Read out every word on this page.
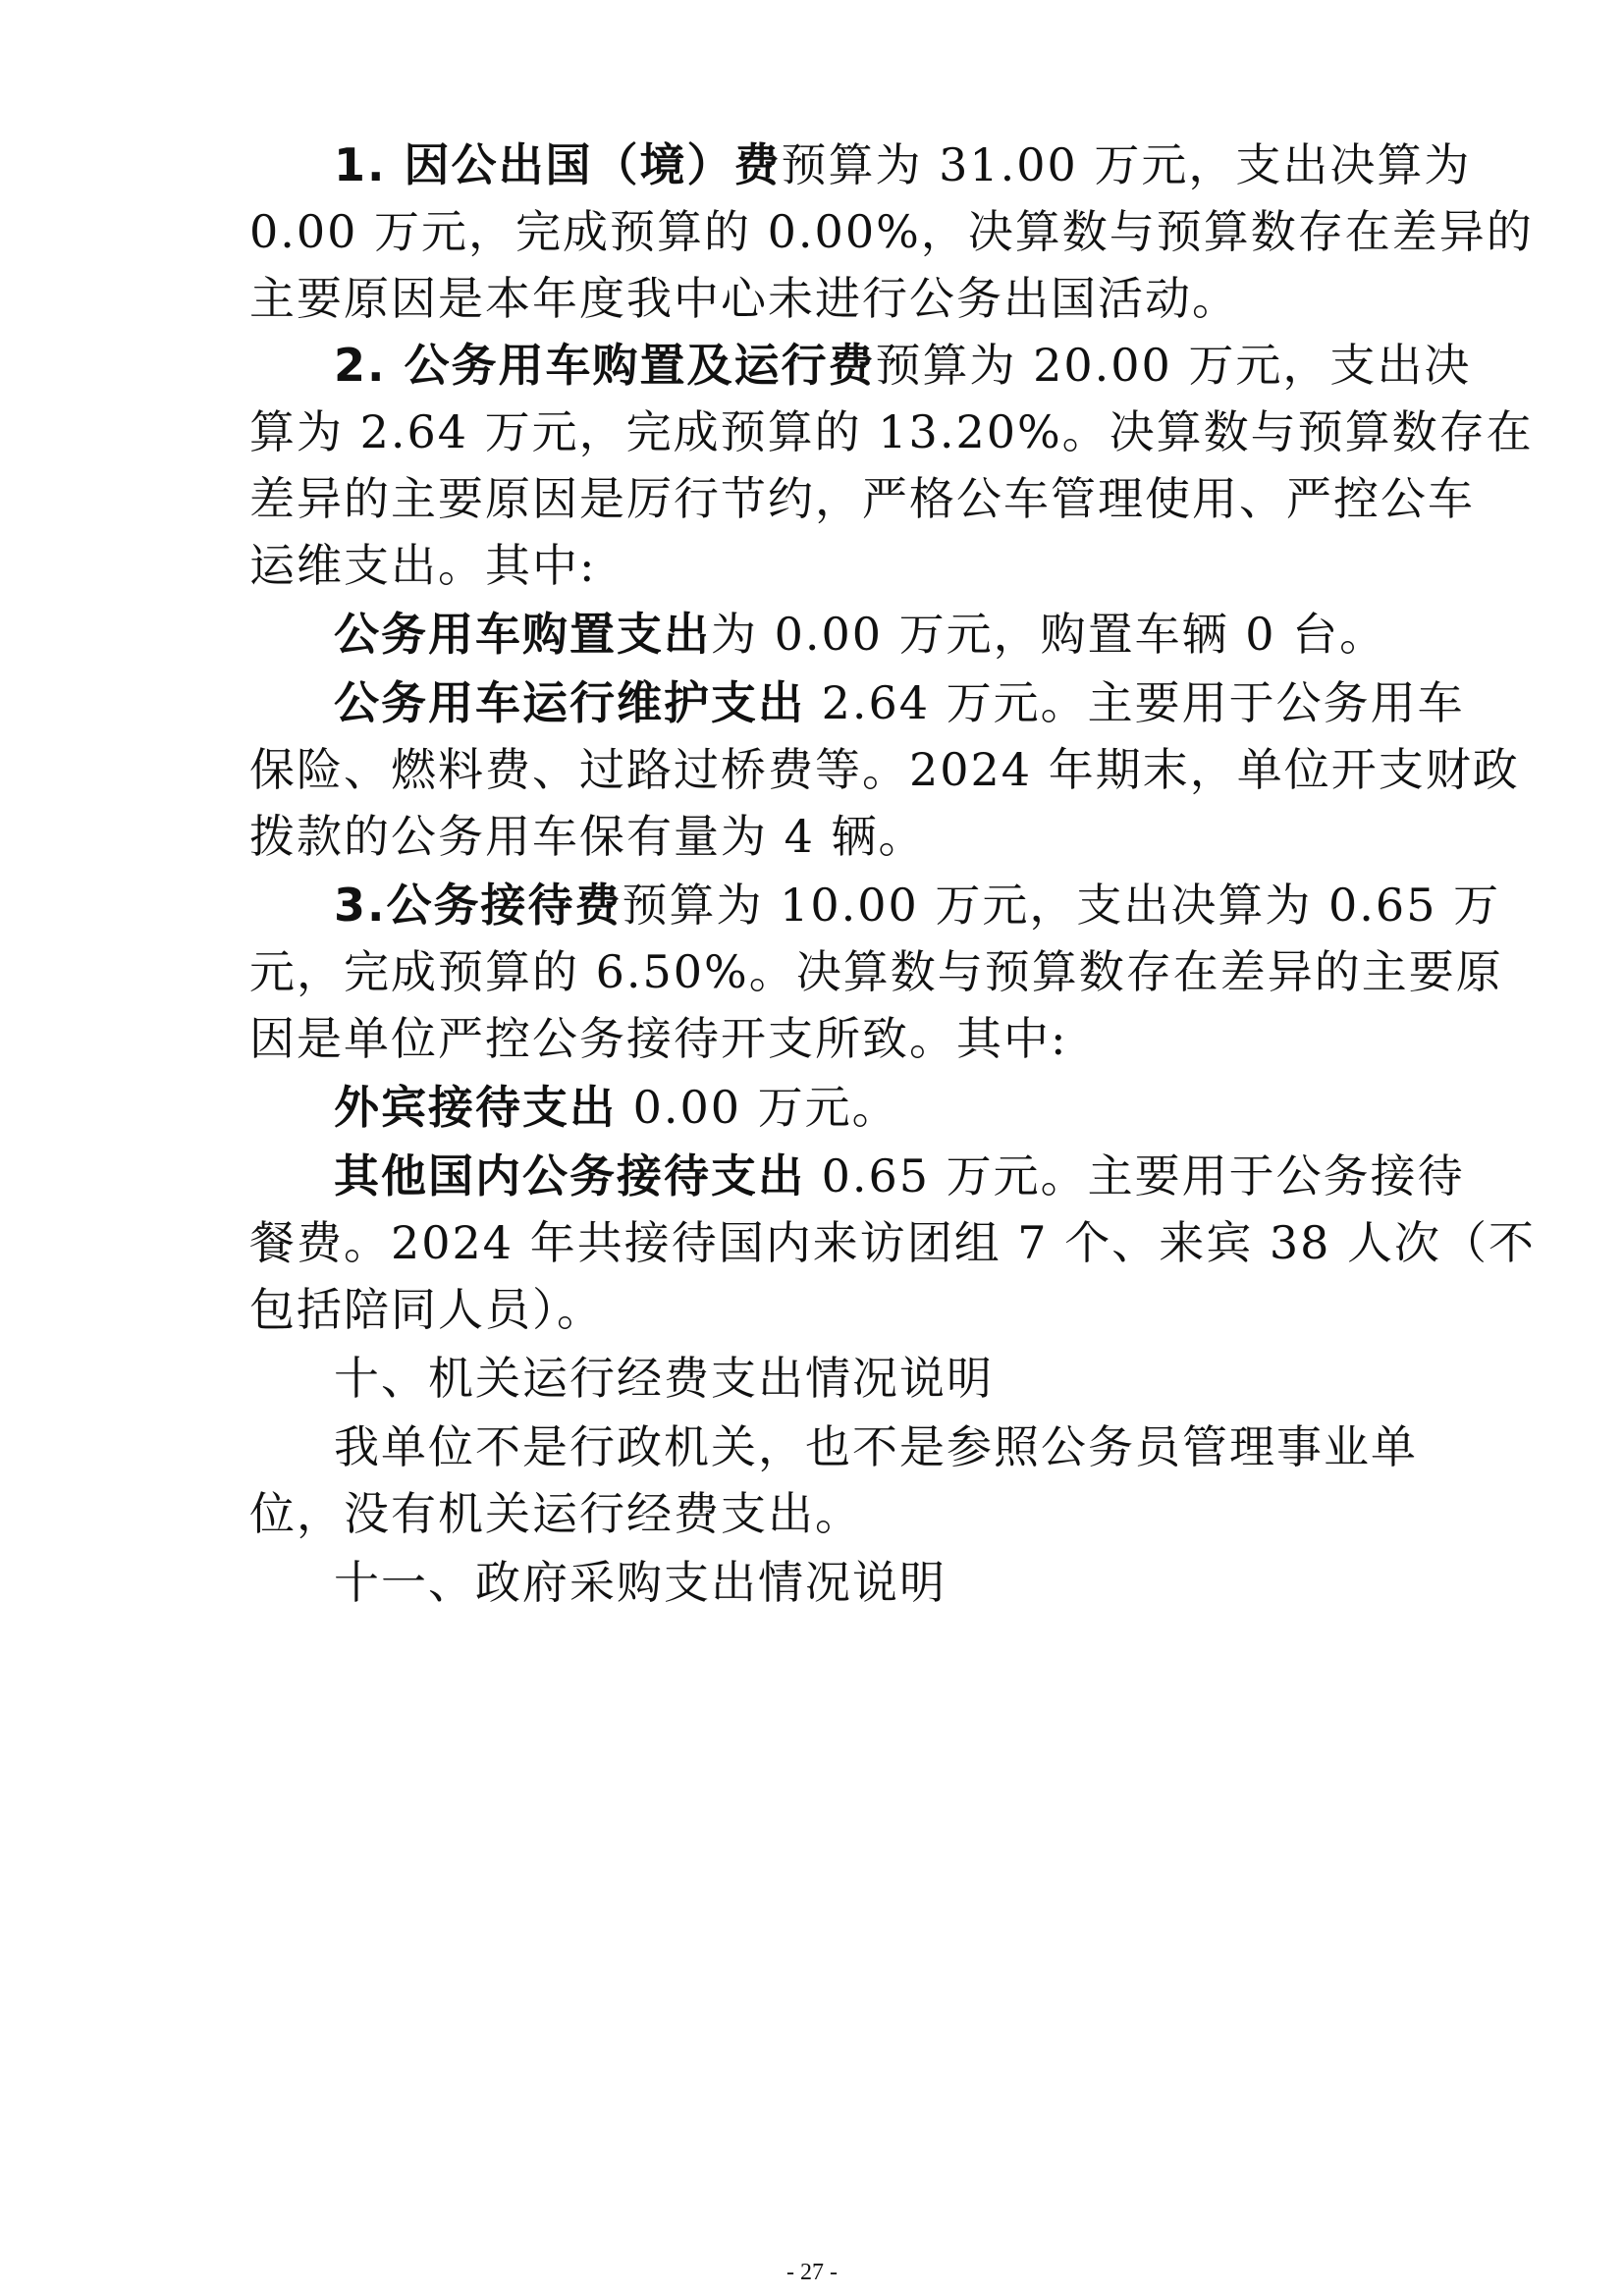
1. 因公出国（境）费预算为 31.00 万元，支出决算为
0.00 万元，完成预算的 0.00%，决算数与预算数存在差异的
主要原因是本年度我中心未进行公务出国活动。
2. 公务用车购置及运行费预算为 20.00 万元，支出决
算为 2.64 万元，完成预算的 13.20%。决算数与预算数存在
差异的主要原因是厉行节约，严格公车管理使用、严控公车
运维支出。其中:
公务用车购置支出为 0.00 万元，购置车辆 0 台。
公务用车运行维护支出 2.64 万元。主要用于公务用车
保险、燃料费、过路过桥费等。2024 年期末，单位开支财政
拨款的公务用车保有量为 4 辆。
3.公务接待费预算为 10.00 万元，支出决算为 0.65 万
元，完成预算的 6.50%。决算数与预算数存在差异的主要原
因是单位严控公务接待开支所致。其中:
外宾接待支出 0.00 万元。
其他国内公务接待支出 0.65 万元。主要用于公务接待
餐费。2024 年共接待国内来访团组 7 个、来宾 38 人次（不
包括陪同人员）。
十、机关运行经费支出情况说明
我单位不是行政机关，也不是参照公务员管理事业单
位，没有机关运行经费支出。
十一、政府采购支出情况说明
- 27 -
